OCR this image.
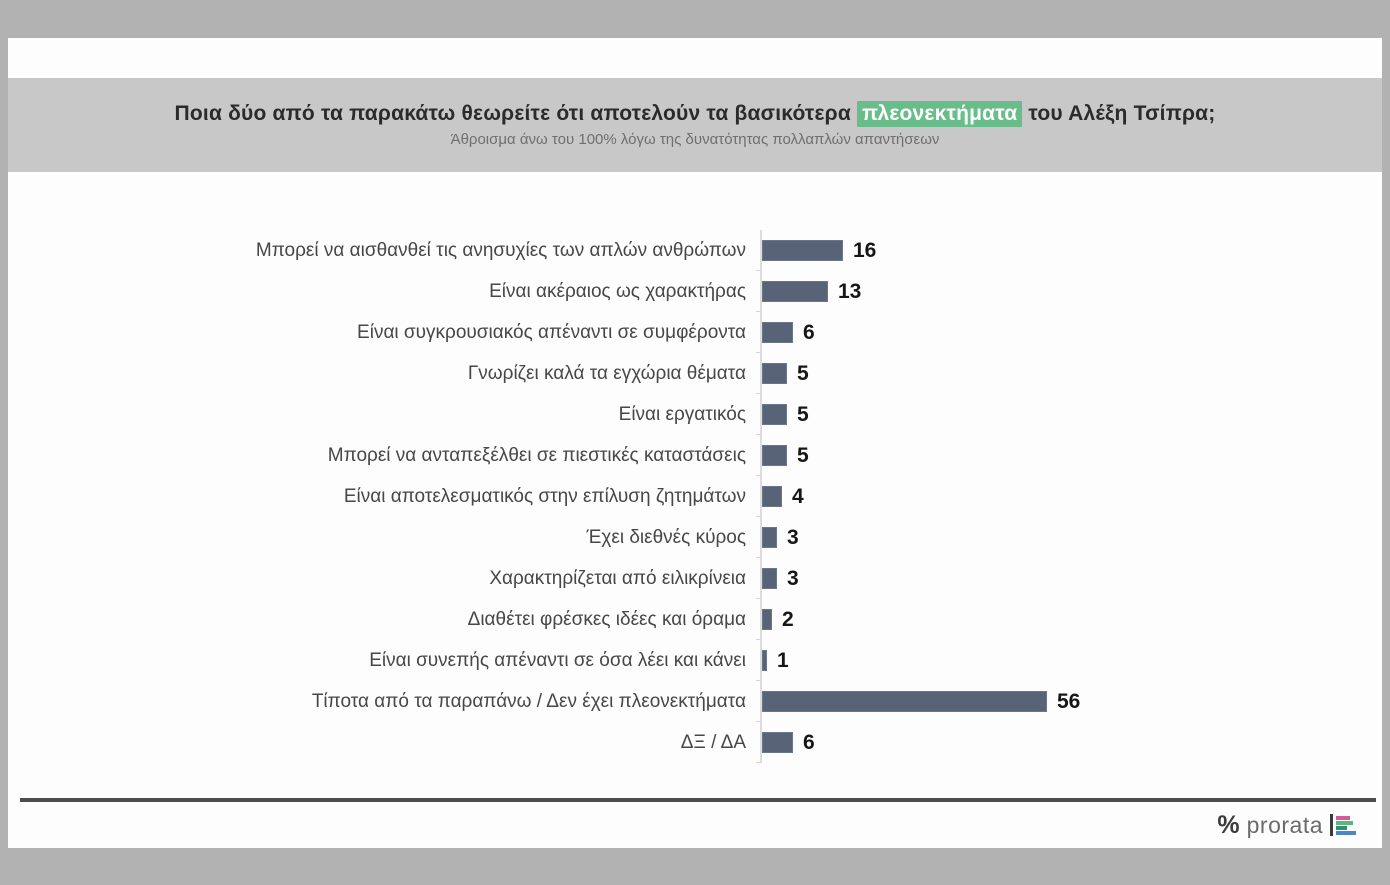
Ποια δύο από τα παρακάτω θεωρείτε ότι αποτελούν τα βασικότερα πλεονεκτήματα του Αλέξη Τσίπρα;
Άθροισμα άνω του 100% λόγω της δυνατότητας πολλαπλών απαντήσεων
Μπορεί να αισθανθεί τις ανησυχίες των απλών ανθρώπων	16
Είναι ακέραιος ως χαρακτήρας	13
Είναι συγκρουσιακός απέναντι σε συμφέροντα	6
Γνωρίζει καλά τα εγχώρια θέματα	5
Είναι εργατικός	5
Μπορεί να ανταπεξέλθει σε πιεστικές καταστάσεις	5
Είναι αποτελεσματικός στην επίλυση ζητημάτων	4
Έχει διεθνές κύρος	3
Χαρακτηρίζεται από ειλικρίνεια	3
Διαθέτει φρέσκες ιδέες και όραμα	2
Είναι συνεπής απέναντι σε όσα λέει και κάνει	1
Τίποτα από τα παραπάνω / Δεν έχει πλεονεκτήματα	56
ΔΞ / ΔΑ	6
% prorata
